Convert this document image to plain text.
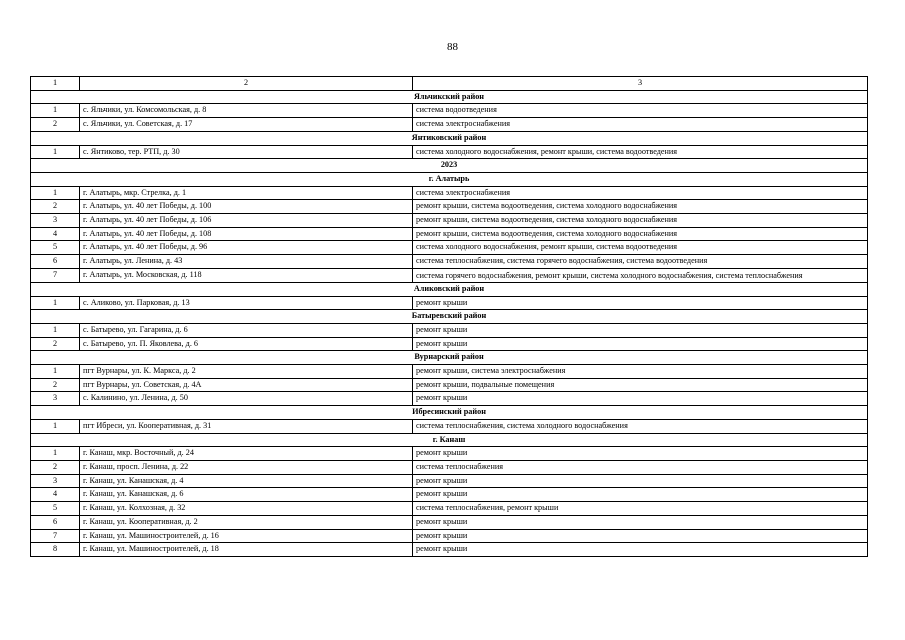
88
1	2	3
Яльчикский район		
1	с. Яльчики, ул. Комсомольская, д. 8	система водоотведения
2	с. Яльчики, ул. Советская, д. 17	система электроснабжения
Янтиковский район		
1	с. Янтиково, тер. РТП, д. 30	система холодного водоснабжения, ремонт крыши, система водоотведения
2023		
г. Алатырь		
1	г. Алатырь, мкр. Стрелка, д. 1	система электроснабжения
2	г. Алатырь, ул. 40 лет Победы, д. 100	ремонт крыши, система водоотведения, система холодного водоснабжения
3	г. Алатырь, ул. 40 лет Победы, д. 106	ремонт крыши, система водоотведения, система холодного водоснабжения
4	г. Алатырь, ул. 40 лет Победы, д. 108	ремонт крыши, система водоотведения, система холодного водоснабжения
5	г. Алатырь, ул. 40 лет Победы, д. 96	система холодного водоснабжения, ремонт крыши, система водоотведения
6	г. Алатырь, ул. Ленина, д. 43	система теплоснабжения, система горячего водоснабжения, система водоотведения
7	г. Алатырь, ул. Московская, д. 118	система горячего водоснабжения, ремонт крыши, система холодного водоснабжения, система теплоснабжения
Аликовский район		
1	с. Аликово, ул. Парковая, д. 13	ремонт крыши
Батыревский район		
1	с. Батырево, ул. Гагарина, д. 6	ремонт крыши
2	с. Батырево, ул. П. Яковлева, д. 6	ремонт крыши
Вурнарский район		
1	пгт Вурнары, ул. К. Маркса, д. 2	ремонт крыши, система электроснабжения
2	пгт Вурнары, ул. Советская, д. 4А	ремонт крыши, подвальные помещения
3	с. Калинино, ул. Ленина, д. 50	ремонт крыши
Ибресинский район		
1	пгт Ибреси, ул. Кооперативная, д. 31	система теплоснабжения, система холодного водоснабжения
г. Канаш		
1	г. Канаш, мкр. Восточный, д. 24	ремонт крыши
2	г. Канаш, просп. Ленина, д. 22	система теплоснабжения
3	г. Канаш, ул. Канашская, д. 4	ремонт крыши
4	г. Канаш, ул. Канашская, д. 6	ремонт крыши
5	г. Канаш, ул. Колхозная, д. 32	система теплоснабжения, ремонт крыши
6	г. Канаш, ул. Кооперативная, д. 2	ремонт крыши
7	г. Канаш, ул. Машиностроителей, д. 16	ремонт крыши
8	г. Канаш, ул. Машиностроителей, д. 18	ремонт крыши
